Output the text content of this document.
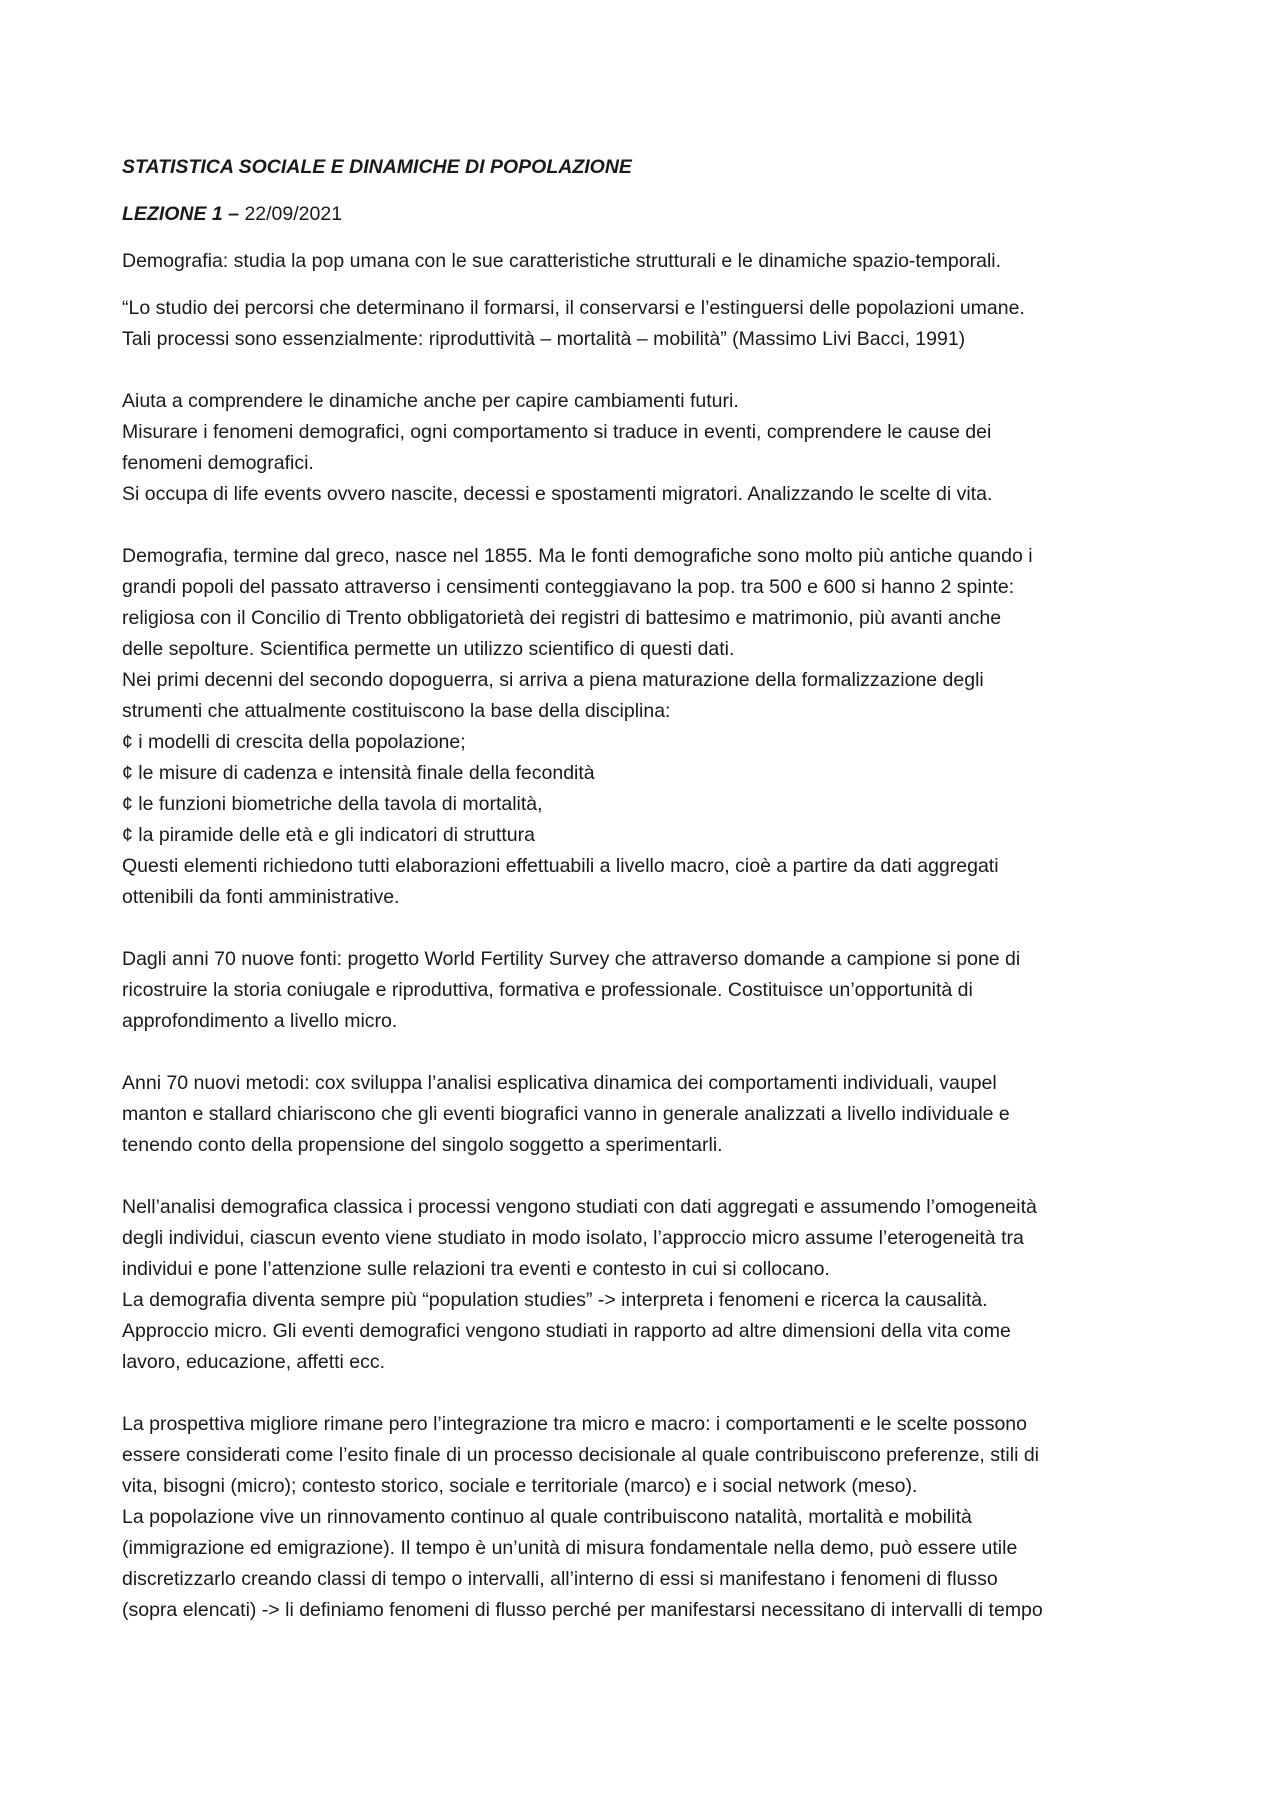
STATISTICA SOCIALE E DINAMICHE DI POPOLAZIONE
LEZIONE 1 – 22/09/2021
Demografia: studia la pop umana con le sue caratteristiche strutturali e le dinamiche spazio-temporali.
“Lo studio dei percorsi che determinano il formarsi, il conservarsi e l’estinguersi delle popolazioni umane.
Tali processi sono essenzialmente: riproduttività – mortalità – mobilità” (Massimo Livi Bacci, 1991)
Aiuta a comprendere le dinamiche anche per capire cambiamenti futuri.
Misurare i fenomeni demografici, ogni comportamento si traduce in eventi, comprendere le cause dei
fenomeni demografici.
Si occupa di life events ovvero nascite, decessi e spostamenti migratori. Analizzando le scelte di vita.
Demografia, termine dal greco, nasce nel 1855. Ma le fonti demografiche sono molto più antiche quando i
grandi popoli del passato attraverso i censimenti conteggiavano la pop. tra 500 e 600 si hanno 2 spinte:
religiosa con il Concilio di Trento obbligatorietà dei registri di battesimo e matrimonio, più avanti anche
delle sepolture. Scientifica permette un utilizzo scientifico di questi dati.
Nei primi decenni del secondo dopoguerra, si arriva a piena maturazione della formalizzazione degli
strumenti che attualmente costituiscono la base della disciplina:
¢ i modelli di crescita della popolazione;
¢ le misure di cadenza e intensità finale della fecondità
¢ le funzioni biometriche della tavola di mortalità,
¢ la piramide delle età e gli indicatori di struttura
Questi elementi richiedono tutti elaborazioni effettuabili a livello macro, cioè a partire da dati aggregati
ottenibili da fonti amministrative.
Dagli anni 70 nuove fonti: progetto World Fertility Survey che attraverso domande a campione si pone di
ricostruire la storia coniugale e riproduttiva, formativa e professionale. Costituisce un’opportunità di
approfondimento a livello micro.
Anni 70 nuovi metodi: cox sviluppa l’analisi esplicativa dinamica dei comportamenti individuali, vaupel
manton e stallard chiariscono che gli eventi biografici vanno in generale analizzati a livello individuale e
tenendo conto della propensione del singolo soggetto a sperimentarli.
Nell’analisi demografica classica i processi vengono studiati con dati aggregati e assumendo l’omogeneità
degli individui, ciascun evento viene studiato in modo isolato, l’approccio micro assume l’eterogeneità tra
individui e pone l’attenzione sulle relazioni tra eventi e contesto in cui si collocano.
La demografia diventa sempre più “population studies” -> interpreta i fenomeni e ricerca la causalità.
Approccio micro. Gli eventi demografici vengono studiati in rapporto ad altre dimensioni della vita come
lavoro, educazione, affetti ecc.
La prospettiva migliore rimane pero l’integrazione tra micro e macro: i comportamenti e le scelte possono
essere considerati come l’esito finale di un processo decisionale al quale contribuiscono preferenze, stili di
vita, bisogni (micro); contesto storico, sociale e territoriale (marco) e i social network (meso).
La popolazione vive un rinnovamento continuo al quale contribuiscono natalità, mortalità e mobilità
(immigrazione ed emigrazione). Il tempo è un’unità di misura fondamentale nella demo, può essere utile
discretizzarlo creando classi di tempo o intervalli, all’interno di essi si manifestano i fenomeni di flusso
(sopra elencati) -> li definiamo fenomeni di flusso perché per manifestarsi necessitano di intervalli di tempo
